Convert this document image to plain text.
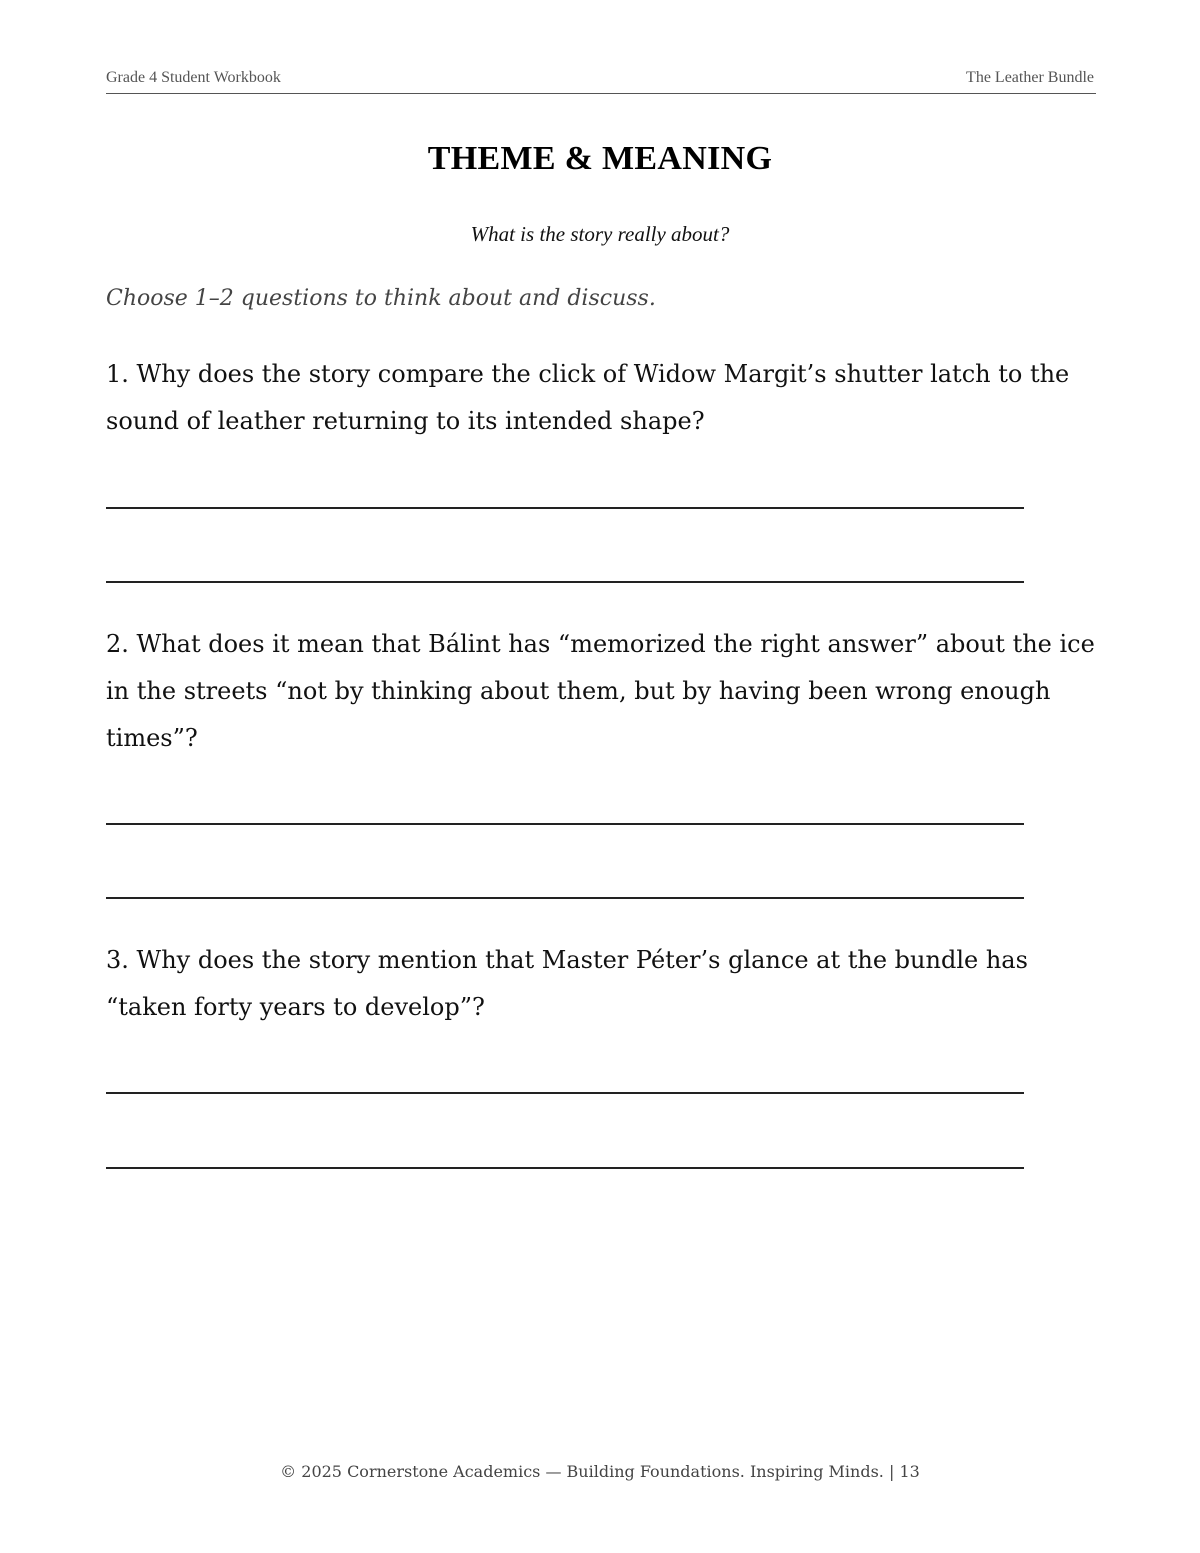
Grade 4 Student Workbook	The Leather Bundle
THEME & MEANING
What is the story really about?
Choose 1–2 questions to think about and discuss.
1. Why does the story compare the click of Widow Margit’s shutter latch to the sound of leather returning to its intended shape?
2. What does it mean that Bálint has “memorized the right answer” about the ice in the streets “not by thinking about them, but by having been wrong enough times”?
3. Why does the story mention that Master Péter’s glance at the bundle has “taken forty years to develop”?
© 2025 Cornerstone Academics — Building Foundations. Inspiring Minds. | 13
